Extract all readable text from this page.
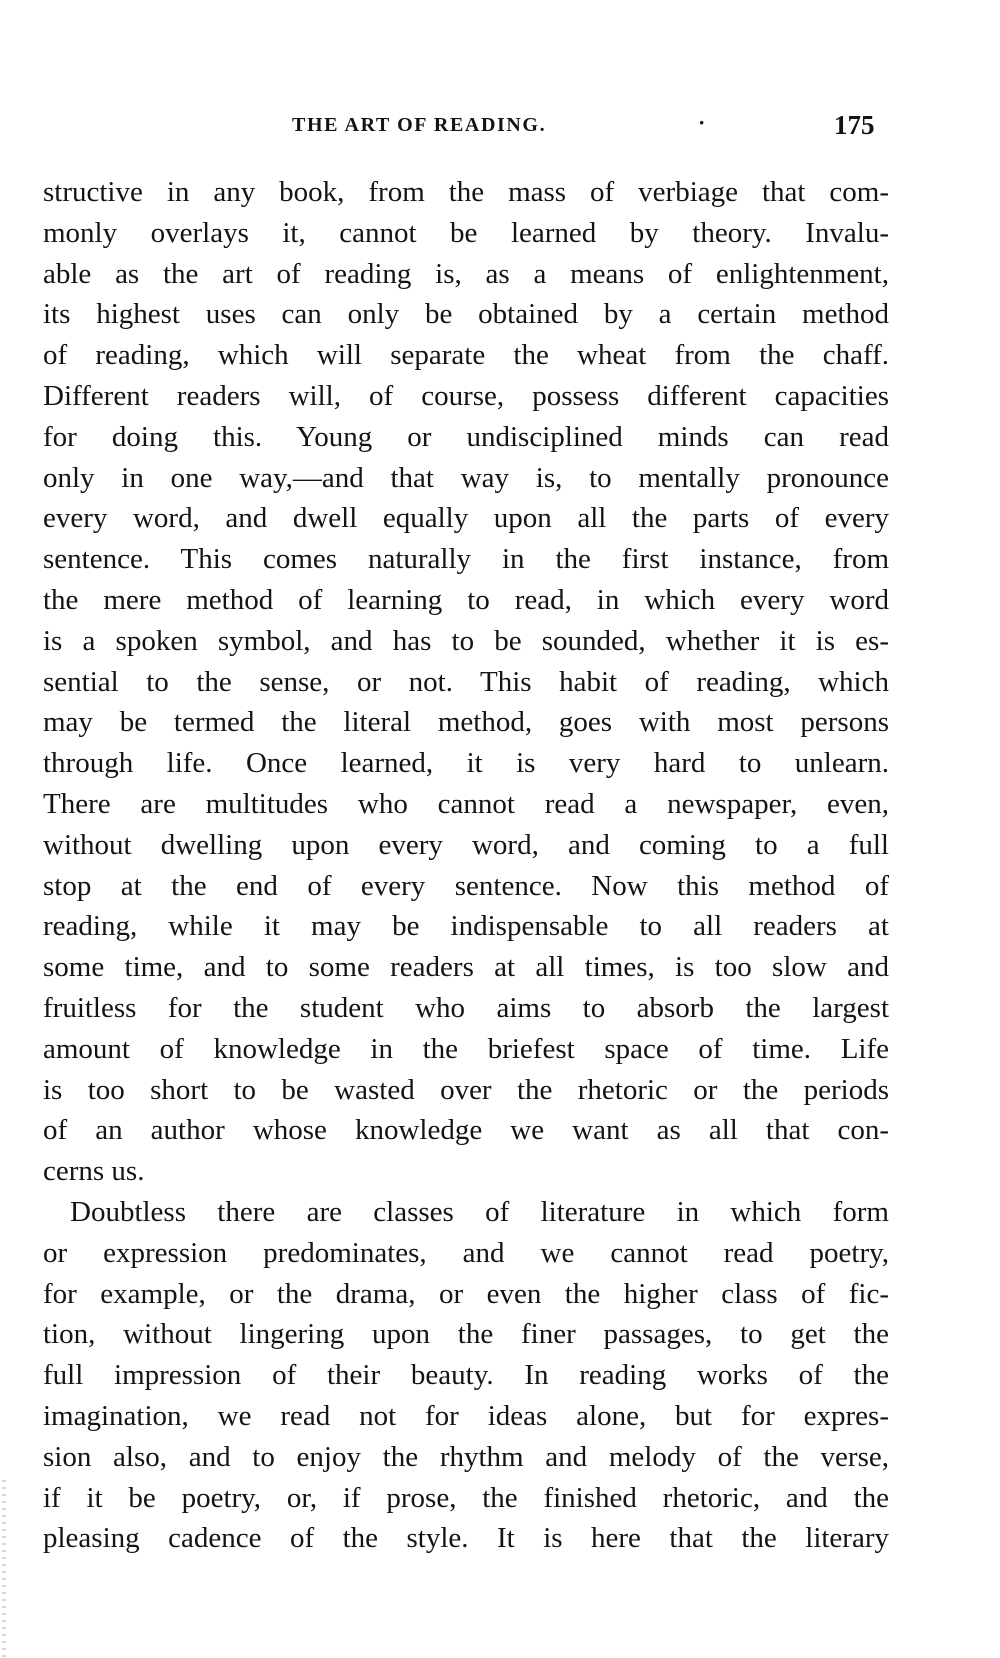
THE ART OF READING.	·	175
structive in any book, from the mass of verbiage that com-
monly overlays it, cannot be learned by theory. Invalu-
able as the art of reading is, as a means of enlightenment,
its highest uses can only be obtained by a certain method
of reading, which will separate the wheat from the chaff.
Different readers will, of course, possess different capacities
for doing this. Young or undisciplined minds can read
only in one way,—and that way is, to mentally pronounce
every word, and dwell equally upon all the parts of every
sentence. This comes naturally in the first instance, from
the mere method of learning to read, in which every word
is a spoken symbol, and has to be sounded, whether it is es-
sential to the sense, or not. This habit of reading, which
may be termed the literal method, goes with most persons
through life. Once learned, it is very hard to unlearn.
There are multitudes who cannot read a newspaper, even,
without dwelling upon every word, and coming to a full
stop at the end of every sentence. Now this method of
reading, while it may be indispensable to all readers at
some time, and to some readers at all times, is too slow and
fruitless for the student who aims to absorb the largest
amount of knowledge in the briefest space of time. Life
is too short to be wasted over the rhetoric or the periods
of an author whose knowledge we want as all that con-
cerns us.
Doubtless there are classes of literature in which form
or expression predominates, and we cannot read poetry,
for example, or the drama, or even the higher class of fic-
tion, without lingering upon the finer passages, to get the
full impression of their beauty. In reading works of the
imagination, we read not for ideas alone, but for expres-
sion also, and to enjoy the rhythm and melody of the verse,
if it be poetry, or, if prose, the finished rhetoric, and the
pleasing cadence of the style. It is here that the literary
